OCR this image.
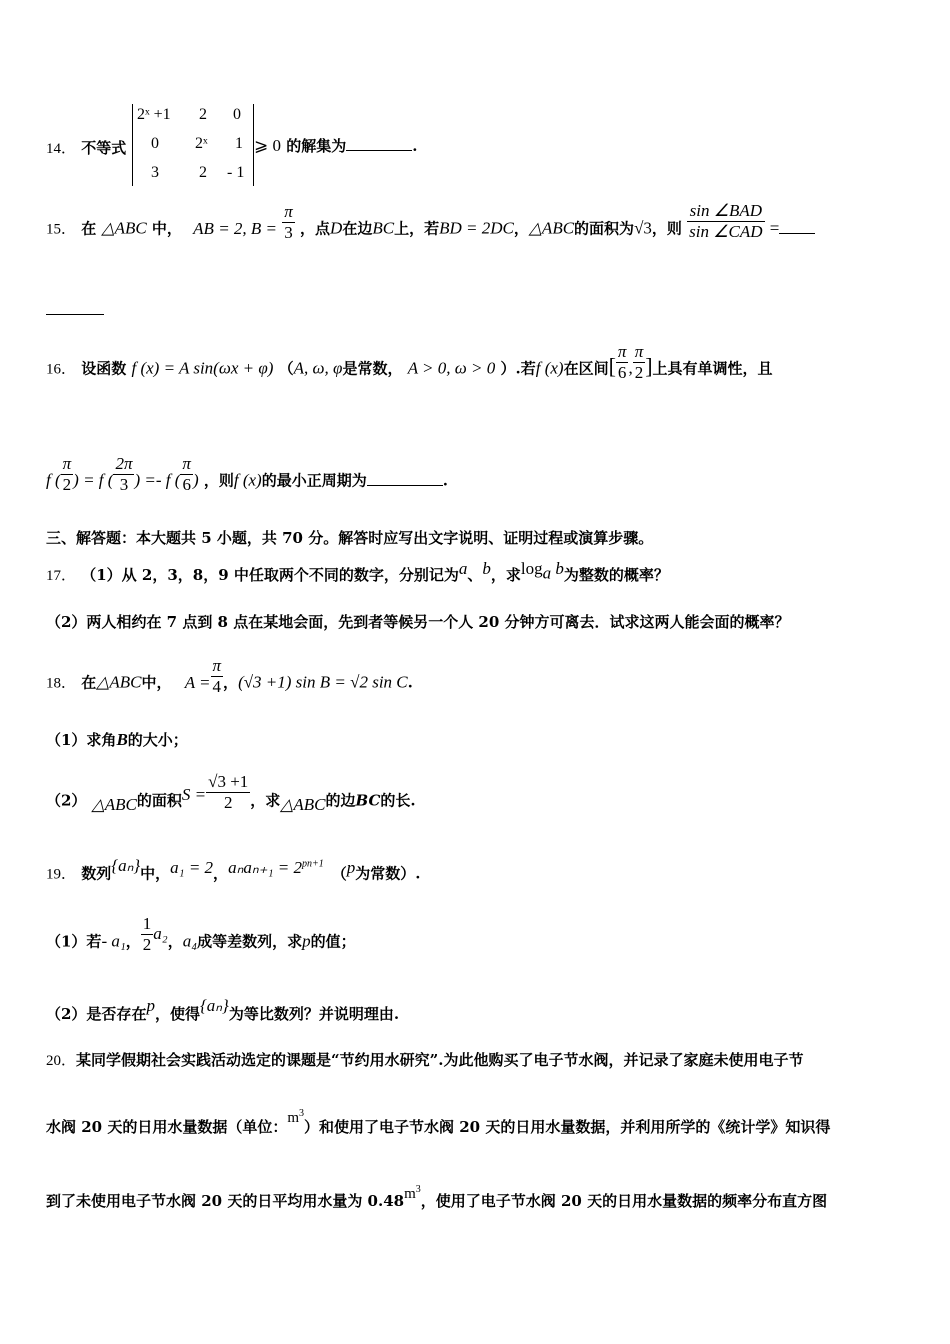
14． 不等式
2ˣ +1 2 0
0 2ˣ 1
3	2 - 1
⩾ 0 的解集为	.
15． 在 △ABC 中， AB = 2, $B = \frac{\pi}{3}$ ，点D在边BC上，若BD = 2DC，△ABC的面积为√3，则 $\frac{\text{sin ∠BAD}}{\text{sin ∠CAD}}$ =
16． 设函数 f (x) = A sin(ωx + φ) （A, ω, φ是常数， A > 0, ω > 0 ）.若f (x)在区间[ $\frac{\pi}{6}$ , $\frac{\pi}{2}$ ]上具有单调性，且
f ( $\frac{\pi}{2}$ ) = f ( $\frac{2\pi}{3}$ ) =- f ( $\frac{\pi}{6}$ ) ，则f (x)的最小正周期为	.
三、解答题：本大题共 5 小题，共 70 分。解答时应写出文字说明、证明过程或演算步骤。
17． （1）从 2，3，8，9 中任取两个不同的数字，分别记为a、b，求$\log_a b$为整数的概率？
（2）两人相约在 7 点到 8 点在某地会面，先到者等候另一个人 20 分钟方可离去．试求这两人能会面的概率？
18． 在△ABC中， $A = \frac{\pi}{4}$ ，(√3 +1) sin B = √2 sin C.
（1）求角B的大小；
（2） △ABC的面积$S = \frac{√3 +1}{2}$ ，求△ABC的边BC的长.
19． 数列{aₙ}中，a₁ = 2，$a_na_{n+1} = 2^{pn+1}(p$为常数）.
（1）若- a₁， $\frac{1}{2} a_2$，a₄成等差数列，求p的值；
（2）是否存在p，使得{aₙ}为等比数列？并说明理由.
20．某同学假期社会实践活动选定的课题是“节约用水研究”.为此他购买了电子节水阀，并记录了家庭未使用电子节
水阀 20 天的日用水量数据（单位：$m^3$）和使用了电子节水阀 20 天的日用水量数据，并利用所学的《统计学》知识得
到了未使用电子节水阀 20 天的日平均用水量为 $0.48m^3$，使用了电子节水阀 20 天的日用水量数据的频率分布直方图
